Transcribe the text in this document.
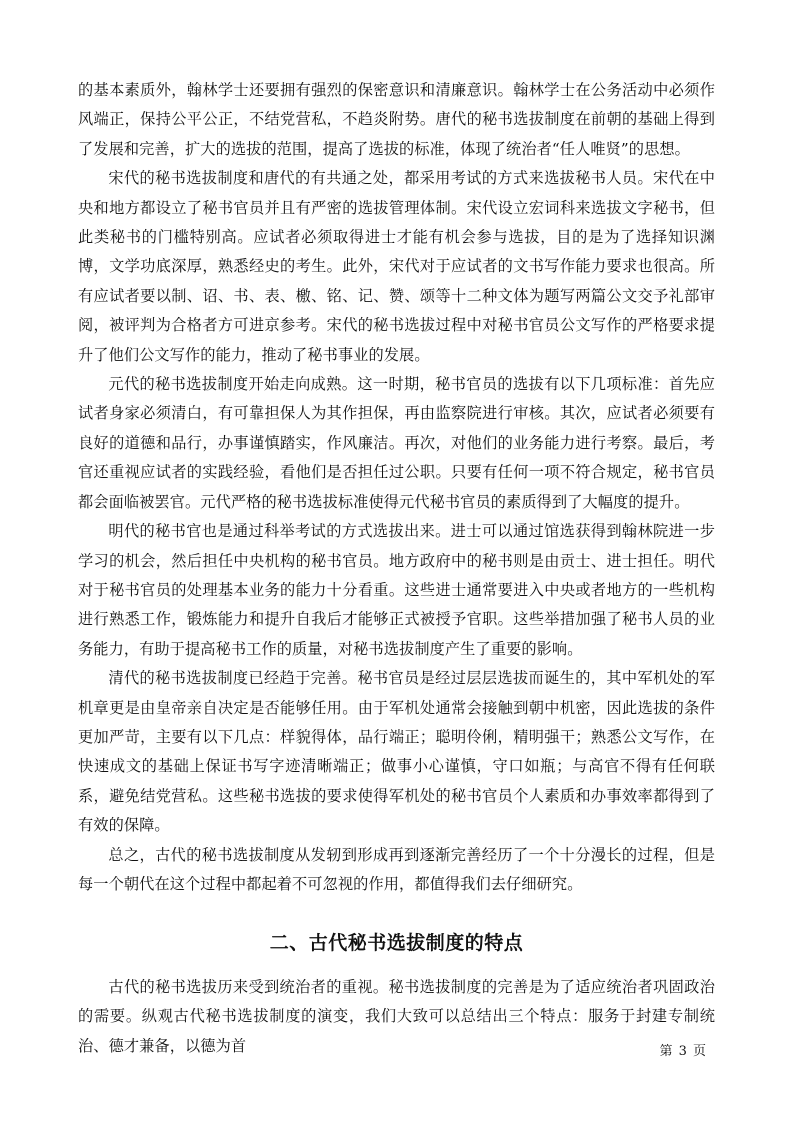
的基本素质外，翰林学士还要拥有强烈的保密意识和清廉意识。翰林学士在公务活动中必须作风端正，保持公平公正，不结党营私，不趋炎附势。唐代的秘书选拔制度在前朝的基础上得到了发展和完善，扩大的选拔的范围，提高了选拔的标准，体现了统治者“任人唯贤”的思想。

宋代的秘书选拔制度和唐代的有共通之处，都采用考试的方式来选拔秘书人员。宋代在中央和地方都设立了秘书官员并且有严密的选拔管理体制。宋代设立宏词科来选拔文字秘书，但此类秘书的门槛特别高。应试者必须取得进士才能有机会参与选拔，目的是为了选择知识渊博，文学功底深厚，熟悉经史的考生。此外，宋代对于应试者的文书写作能力要求也很高。所有应试者要以制、诏、书、表、檄、铭、记、赞、颂等十二种文体为题写两篇公文交予礼部审阅，被评判为合格者方可进京参考。宋代的秘书选拔过程中对秘书官员公文写作的严格要求提升了他们公文写作的能力，推动了秘书事业的发展。

元代的秘书选拔制度开始走向成熟。这一时期，秘书官员的选拔有以下几项标准：首先应试者身家必须清白，有可靠担保人为其作担保，再由监察院进行审核。其次，应试者必须要有良好的道德和品行，办事谨慎踏实，作风廉洁。再次，对他们的业务能力进行考察。最后，考官还重视应试者的实践经验，看他们是否担任过公职。只要有任何一项不符合规定，秘书官员都会面临被罢官。元代严格的秘书选拔标准使得元代秘书官员的素质得到了大幅度的提升。

明代的秘书官也是通过科举考试的方式选拔出来。进士可以通过馆选获得到翰林院进一步学习的机会，然后担任中央机构的秘书官员。地方政府中的秘书则是由贡士、进士担任。明代对于秘书官员的处理基本业务的能力十分看重。这些进士通常要进入中央或者地方的一些机构进行熟悉工作，锻炼能力和提升自我后才能够正式被授予官职。这些举措加强了秘书人员的业务能力，有助于提高秘书工作的质量，对秘书选拔制度产生了重要的影响。

清代的秘书选拔制度已经趋于完善。秘书官员是经过层层选拔而诞生的，其中军机处的军机章更是由皇帝亲自决定是否能够任用。由于军机处通常会接触到朝中机密，因此选拔的条件更加严苛，主要有以下几点：样貌得体，品行端正；聪明伶俐，精明强干；熟悉公文写作，在快速成文的基础上保证书写字迹清晰端正；做事小心谨慎，守口如瓶；与高官不得有任何联系，避免结党营私。这些秘书选拔的要求使得军机处的秘书官员个人素质和办事效率都得到了有效的保障。

总之，古代的秘书选拔制度从发轫到形成再到逐渐完善经历了一个十分漫长的过程，但是每一个朝代在这个过程中都起着不可忽视的作用，都值得我们去仔细研究。

二、古代秘书选拔制度的特点

古代的秘书选拔历来受到统治者的重视。秘书选拔制度的完善是为了适应统治者巩固政治的需要。纵观古代秘书选拔制度的演变，我们大致可以总结出三个特点：服务于封建专制统治、德才兼备，以德为首	第 3 页
